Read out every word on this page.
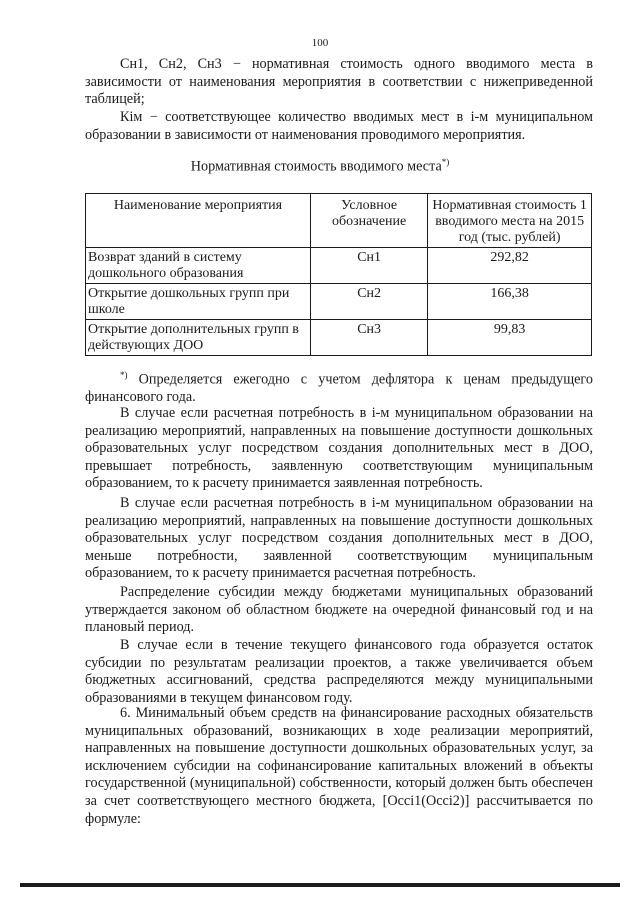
100
Сн1, Сн2, Сн3 − нормативная стоимость одного вводимого места в зависимости от наименования мероприятия в соответствии с нижеприведенной таблицей;
Кiм − соответствующее количество вводимых мест в i-м муниципальном образовании в зависимости от наименования проводимого мероприятия.
Нормативная стоимость вводимого места*)
Наименование мероприятия	Условное обозначение	Нормативная стоимость 1 вводимого места на 2015 год (тыс. рублей)
Возврат зданий в систему дошкольного образования	Сн1	292,82
Открытие дошкольных групп при школе	Сн2	166,38
Открытие дополнительных групп в действующих ДОО	Сн3	99,83
*) Определяется ежегодно с учетом дефлятора к ценам предыдущего финансового года.
В случае если расчетная потребность в i-м муниципальном образовании на реализацию мероприятий, направленных на повышение доступности дошкольных образовательных услуг посредством создания дополнительных мест в ДОО, превышает потребность, заявленную соответствующим муниципальным образованием, то к расчету принимается заявленная потребность.
В случае если расчетная потребность в i-м муниципальном образовании на реализацию мероприятий, направленных на повышение доступности дошкольных образовательных услуг посредством создания дополнительных мест в ДОО, меньше потребности, заявленной соответствующим муниципальным образованием, то к расчету принимается расчетная потребность.
Распределение субсидии между бюджетами муниципальных образований утверждается законом об областном бюджете на очередной финансовый год и на плановый период.
В случае если в течение текущего финансового года образуется остаток субсидии по результатам реализации проектов, а также увеличивается объем бюджетных ассигнований, средства распределяются между муниципальными образованиями в текущем финансовом году.
6. Минимальный объем средств на финансирование расходных обязательств муниципальных образований, возникающих в ходе реализации мероприятий, направленных на повышение доступности дошкольных образовательных услуг, за исключением субсидии на софинансирование капитальных вложений в объекты государственной (муниципальной) собственности, который должен быть обеспечен за счет соответствующего местного бюджета, [Оcci1(Оcci2)] рассчитывается по формуле:
